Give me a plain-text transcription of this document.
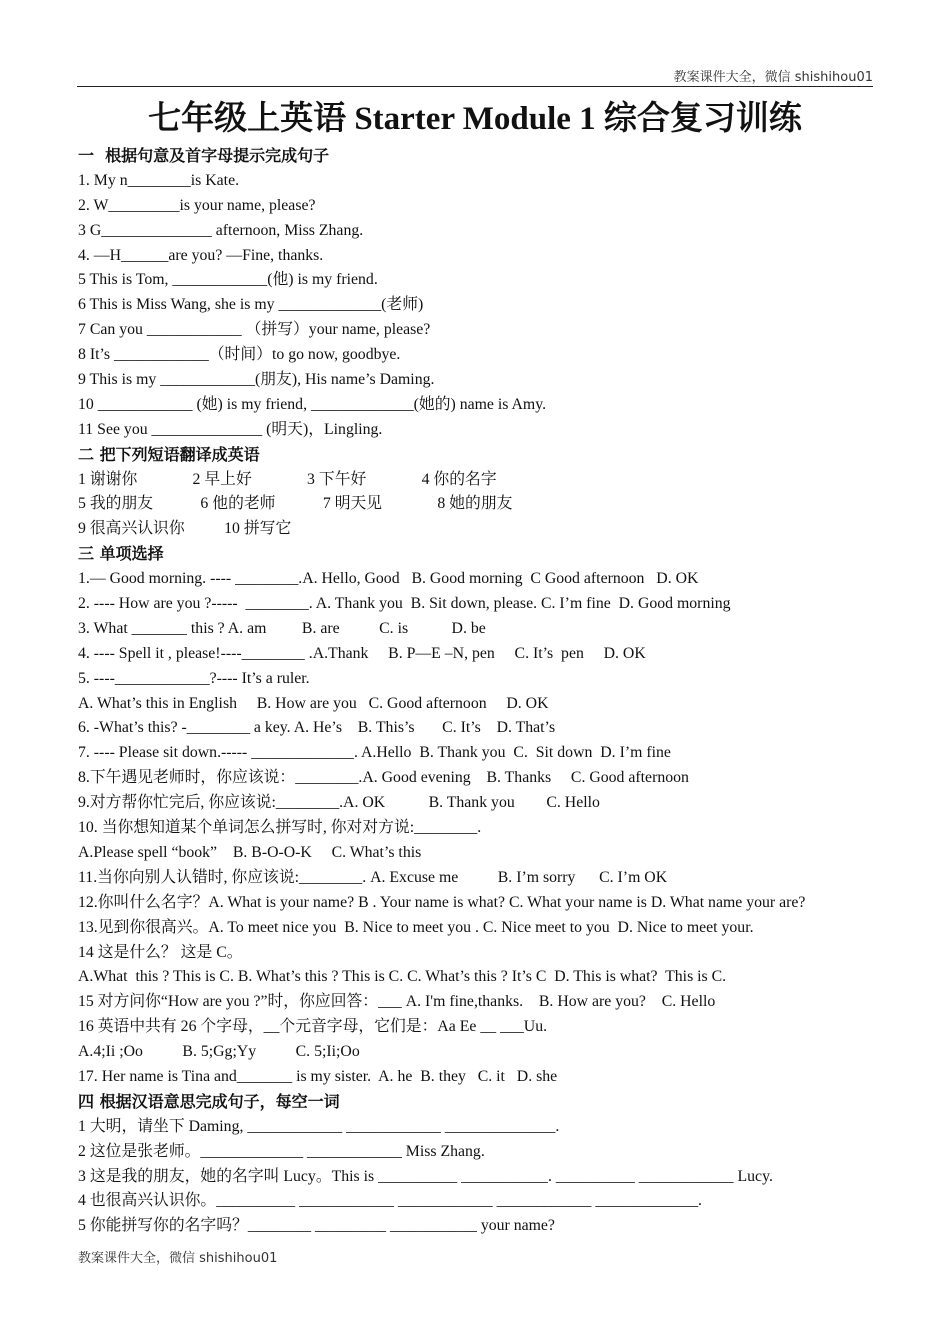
教案课件大全，微信 shishihou01
七年级上英语 Starter Module 1 综合复习训练
一  根据句意及首字母提示完成句子
1. My n________is Kate.
2. W_________is your name, please?
3 G______________ afternoon, Miss Zhang.
4. —H______are you? —Fine, thanks.
5 This is Tom, ____________(他) is my friend.
6 This is Miss Wang, she is my _____________(老师)
7 Can you ____________ （拼写）your name, please?
8 It’s ____________（时间）to go now, goodbye.
9 This is my ____________(朋友), His name’s Daming.
10 ____________ (她) is my friend, _____________(她的) name is Amy.
11 See you ______________ (明天)，Lingling.
二 把下列短语翻译成英语
1 谢谢你              2 早上好              3 下午好              4 你的名字
5 我的朋友            6 他的老师            7 明天见              8 她的朋友
9 很高兴认识你          10 拼写它
三 单项选择
1.— Good morning. ---- ________.A. Hello, Good   B. Good morning  C Good afternoon   D. OK
2. ---- How are you ?-----  ________. A. Thank you  B. Sit down, please. C. I’m fine  D. Good morning
3. What _______ this ? A. am         B. are          C. is           D. be
4. ---- Spell it , please!----________ .A.Thank     B. P—E –N, pen     C. It’s  pen     D. OK
5. ----____________?---- It’s a ruler.
A. What’s this in English     B. How are you   C. Good afternoon     D. OK
6. -What’s this? -________ a key. A. He’s    B. This’s       C. It’s    D. That’s
7. ---- Please sit down.----- _____________. A.Hello  B. Thank you  C.  Sit down  D. I’m fine
8.下午遇见老师时，你应该说：________.A. Good evening    B. Thanks     C. Good afternoon
9.对方帮你忙完后, 你应该说:________.A. OK           B. Thank you        C. Hello
10. 当你想知道某个单词怎么拼写时, 你对对方说:________.
A.Please spell “book”    B. B-O-O-K     C. What’s this
11.当你向别人认错时, 你应该说:________. A. Excuse me          B. I’m sorry      C. I’m OK
12.你叫什么名字？A. What is your name? B . Your name is what? C. What your name is D. What name your are?
13.见到你很高兴。A. To meet nice you  B. Nice to meet you . C. Nice meet to you  D. Nice to meet your.
14 这是什么？ 这是 C。
A.What  this ? This is C. B. What’s this ? This is C. C. What’s this ? It’s C  D. This is what?  This is C.
15 对方问你“How are you ?”时，你应回答：___ A. I'm fine,thanks.    B. How are you?    C. Hello
16 英语中共有 26 个字母，__个元音字母，它们是：Aa Ee __ ___Uu.
A.4;Ii ;Oo          B. 5;Gg;Yy          C. 5;Ii;Oo
17. Her name is Tina and_______ is my sister.  A. he  B. they   C. it   D. she
四 根据汉语意思完成句子，每空一词
1 大明，请坐下 Daming, ____________ ____________ ______________.
2 这位是张老师。_____________ ____________ Miss Zhang.
3 这是我的朋友，她的名字叫 Lucy。This is __________ ___________. __________ ____________ Lucy.
4 也很高兴认识你。__________ ____________ ____________ ____________ _____________.
5 你能拼写你的名字吗？________ _________ ___________ your name?
教案课件大全，微信 shishihou01
